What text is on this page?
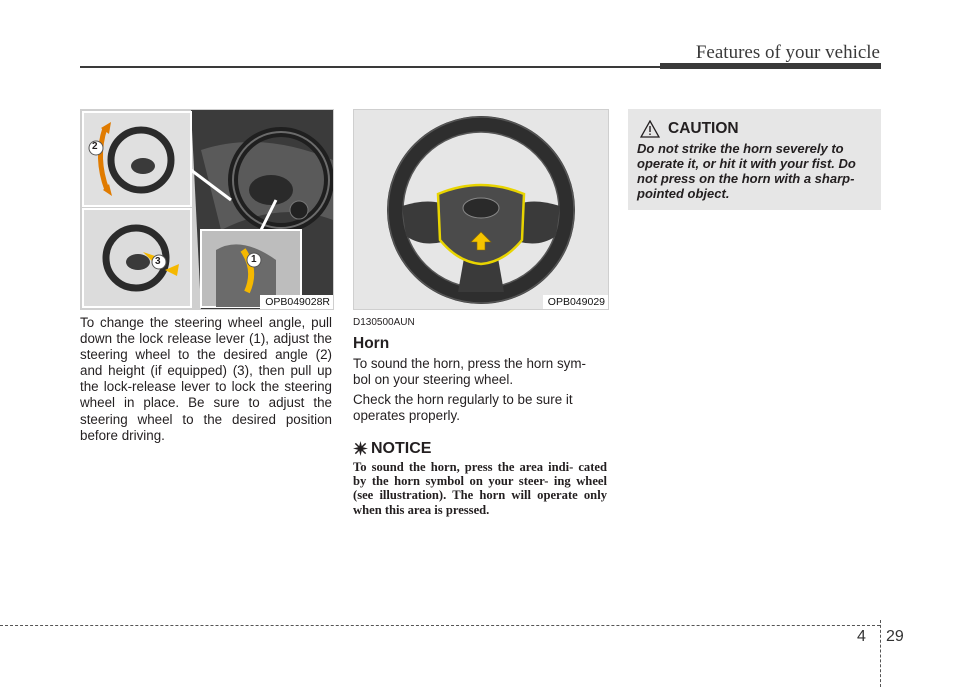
Features of your vehicle
2
3	1
OPB049028R	OPB049029
To change the steering wheel angle, pull down the lock release lever (1), adjust the steering wheel to the desired angle (2) and height (if equipped) (3), then pull up the lock-release lever to lock the steering wheel in place. Be sure to adjust the steering wheel to the desired position before driving.
D130500AUN
Horn
To sound the horn, press the horn sym- bol on your steering wheel.
Check the horn regularly to be sure it operates properly.
NOTICE
To sound the horn, press the area indi- cated by the horn symbol on your steer- ing wheel (see illustration). The horn will operate only when this area is pressed.
CAUTION
Do not strike the horn severely to operate it, or hit it with your fist. Do not press on the horn with a sharp- pointed object.
4 29
